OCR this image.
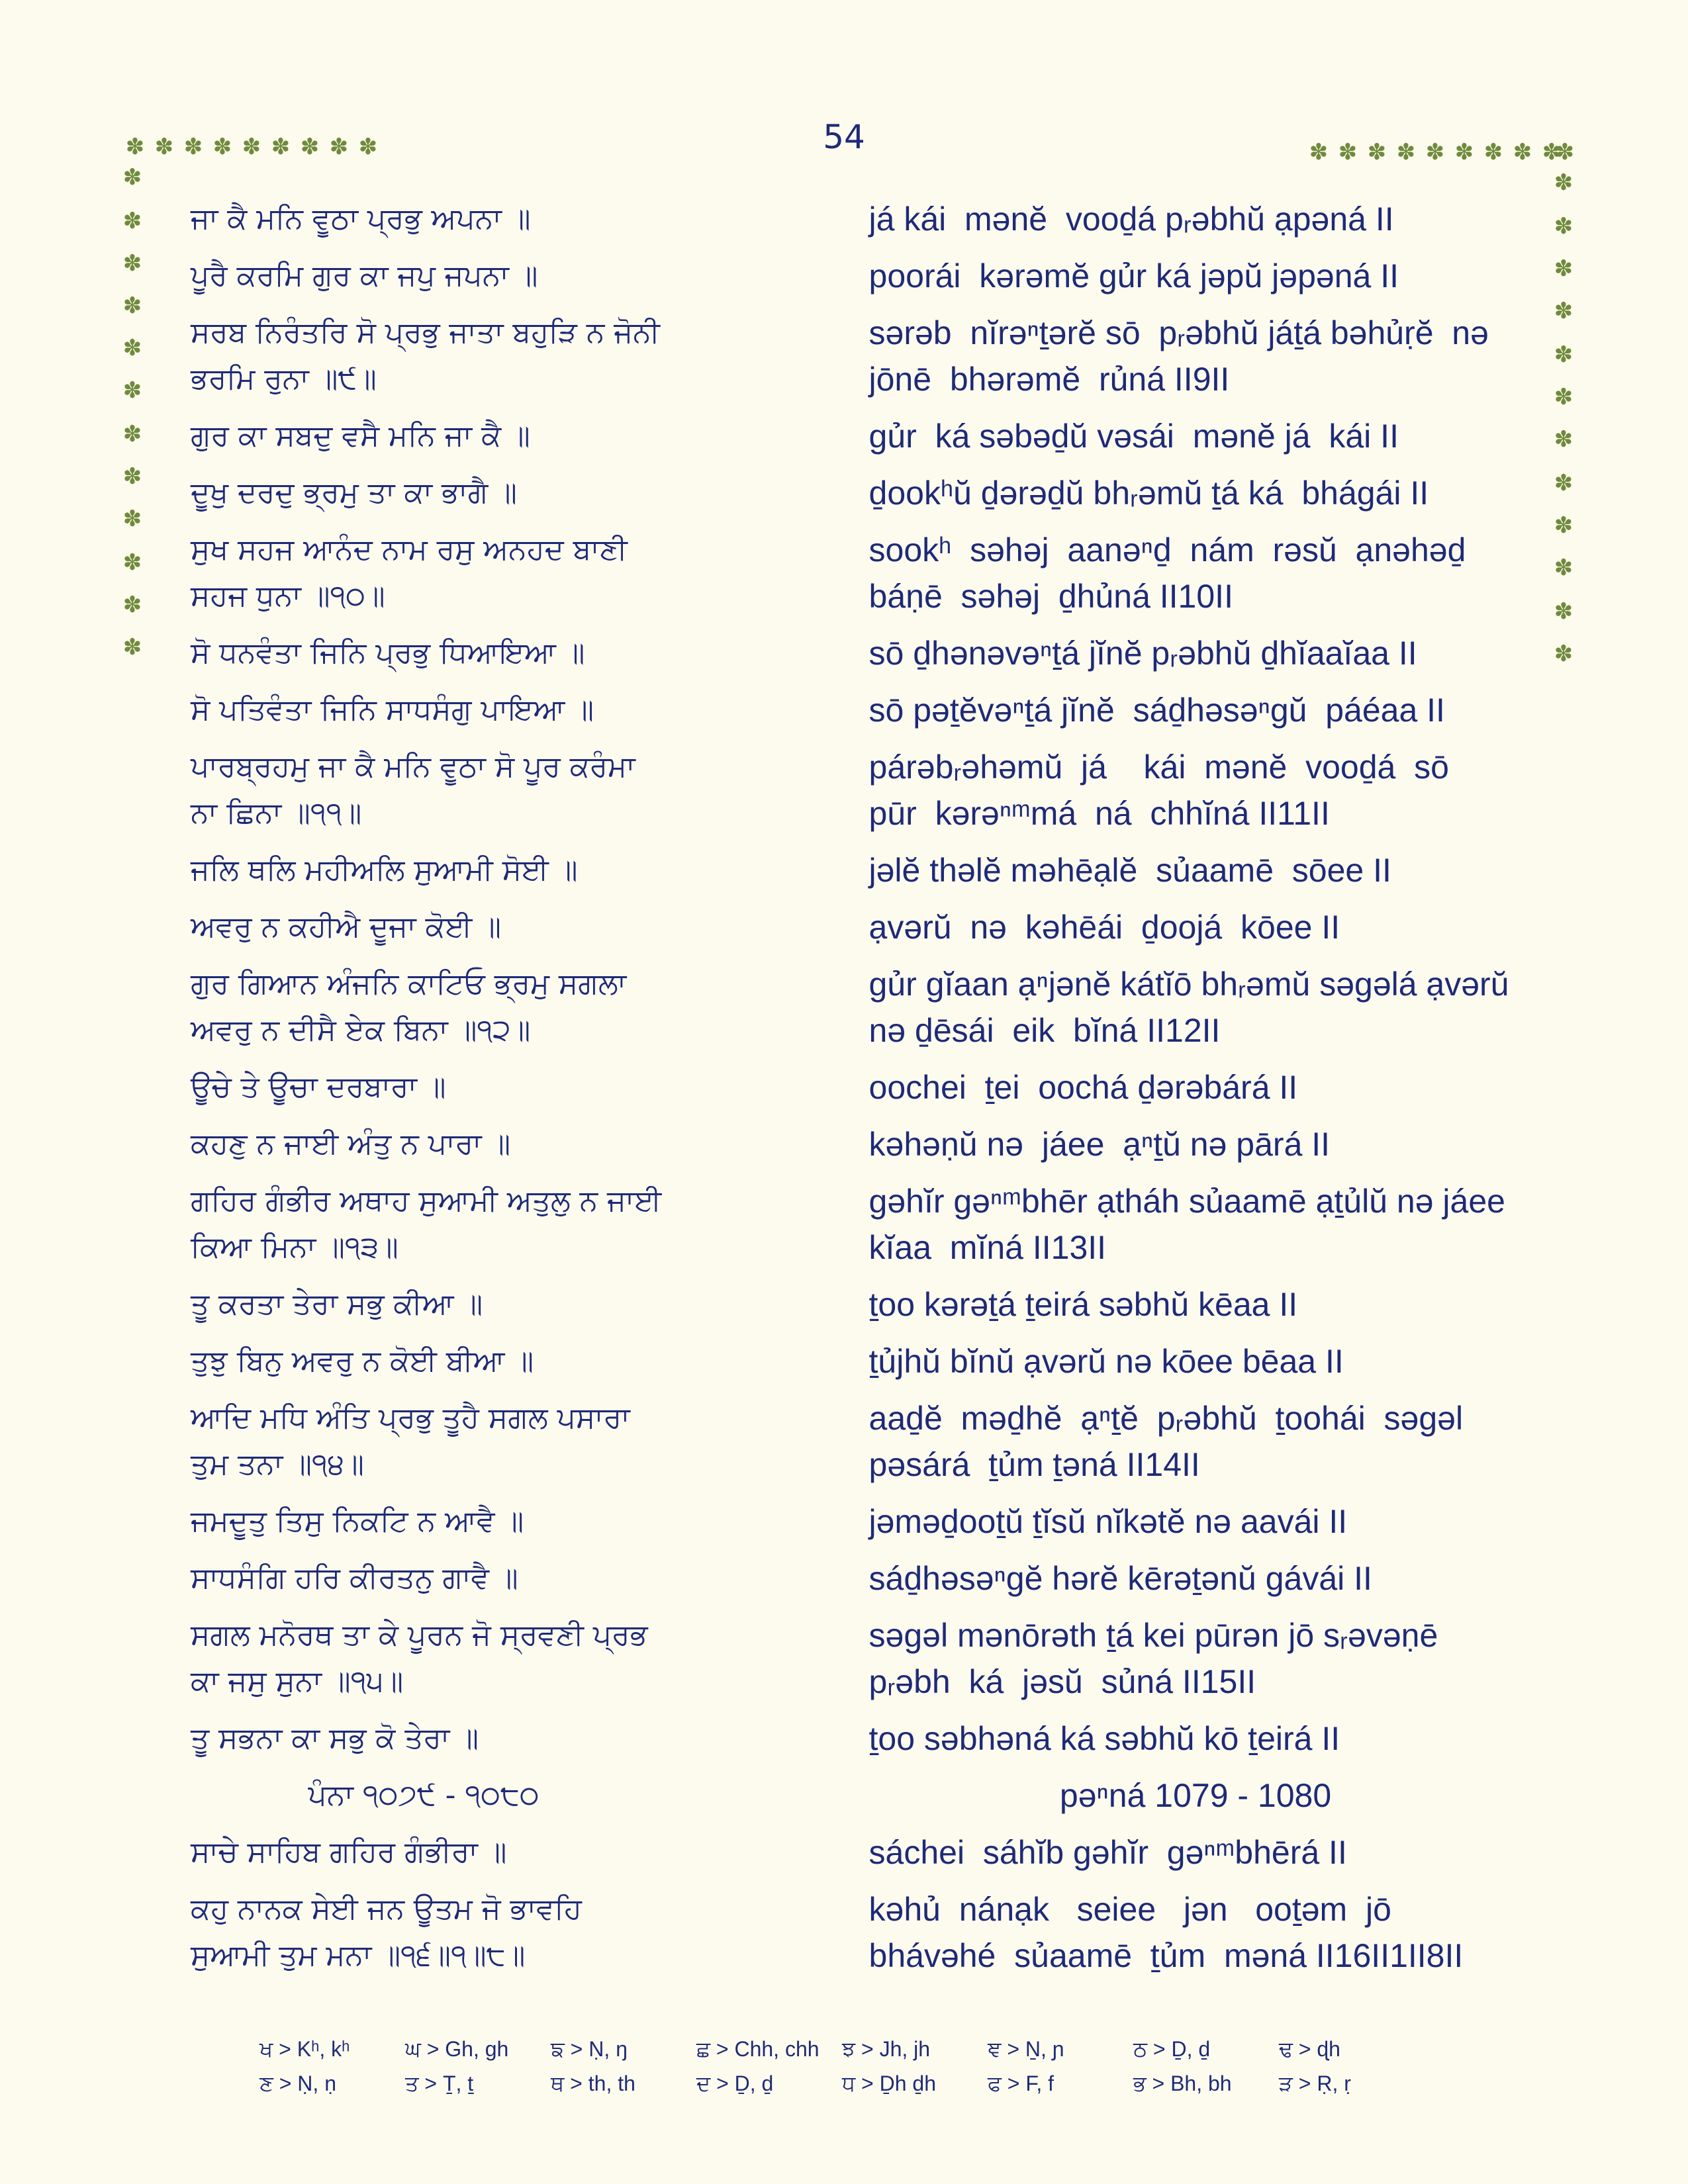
54
✽ ✽ ✽ ✽ ✽ ✽ ✽ ✽ ✽
✽
✽
✽
✽
✽
✽
✽
✽
✽
✽
✽
✽
✽ ✽ ✽ ✽ ✽ ✽ ✽ ✽ ✽
✽
✽
✽
✽
✽
✽
✽
✽
✽
✽
✽
✽
✽
ਜਾ ਕੈ ਮਨਿ ਵੂਠਾ ਪ੍ਰਭੁ ਅਪਨਾ ॥	já kái  mənĕ  vooḏá pᵣəbhŭ ạpəná II
ਪੂਰੈ ਕਰਮਿ ਗੁਰ ਕਾ ਜਪੁ ਜਪਨਾ ॥	poorái  kərəmĕ gủr ká jəpŭ jəpəná II
ਸਰਬ ਨਿਰੰਤਰਿ ਸੋ ਪ੍ਰਭੁ ਜਾਤਾ ਬਹੁੜਿ ਨ ਜੋਨੀ ਭਰਮਿ ਰੁਨਾ ॥੯॥
sərəb  nĭrəⁿṯərĕ sō  pᵣəbhŭ jáṯá bəhủṛĕ  nə  jōnē  bhərəmĕ  rủná II9II
ਗੁਰ ਕਾ ਸਬਦੁ ਵਸੈ ਮਨਿ ਜਾ ਕੈ ॥	gủr  ká səbəḏŭ vəsái  mənĕ já  kái II
ਦੂਖੁ ਦਰਦੁ ਭ੍ਰਮੁ ਤਾ ਕਾ ਭਾਗੈ ॥	ḏookʰŭ ḏərəḏŭ bhᵣəmŭ ṯá ká  bhágái II
ਸੁਖ ਸਹਜ ਆਨੰਦ ਨਾਮ ਰਸੁ ਅਨਹਦ ਬਾਣੀ ਸਹਜ ਧੁਨਾ ॥੧੦॥
sookʰ  səhəj  aanəⁿḏ  nám  rəsŭ  ạnəhəḏ   báṇē  səhəj  ḏhủná II10II
ਸੋ ਧਨਵੰਤਾ ਜਿਨਿ ਪ੍ਰਭੁ ਧਿਆਇਆ ॥	sō ḏhənəvəⁿṯá jĭnĕ pᵣəbhŭ ḏhĭaaĭaa II
ਸੋ ਪਤਿਵੰਤਾ ਜਿਨਿ ਸਾਧਸੰਗੁ ਪਾਇਆ ॥	sō pəṯĕvəⁿṯá jĭnĕ  sáḏhəsəⁿgŭ  páéaa II
ਪਾਰਬ੍ਰਹਮੁ ਜਾ ਕੈ ਮਨਿ ਵੂਠਾ ਸੋ ਪੂਰ ਕਰੰਮਾ ਨਾ ਛਿਨਾ ॥੧੧॥
párəbᵣəhəmŭ  já    kái  mənĕ  vooḏá  sō    pūr  kərəⁿᵐmá  ná  chhĭná II11II
ਜਲਿ ਥਲਿ ਮਹੀਅਲਿ ਸੁਆਮੀ ਸੋਈ ॥	jəlĕ thəlĕ məhēạlĕ  sủaamē  sōee II
ਅਵਰੁ ਨ ਕਹੀਐ ਦੂਜਾ ਕੋਈ ॥	ạvərŭ  nə  kəhēái  ḏoojá  kōee II
ਗੁਰ ਗਿਆਨ ਅੰਜਨਿ ਕਾਟਿਓ ਭ੍ਰਮੁ ਸਗਲਾ ਅਵਰੁ ਨ ਦੀਸੈ ਏਕ ਬਿਨਾ ॥੧੨॥
gủr gĭaan ạⁿjənĕ kátĭō bhᵣəmŭ səgəlá ạvərŭ nə ḏēsái  eik  bĭná II12II
ਊਚੇ ਤੇ ਊਚਾ ਦਰਬਾਰਾ ॥	oochei  ṯei  oochá ḏərəbárá II
ਕਹਣੁ ਨ ਜਾਈ ਅੰਤੁ ਨ ਪਾਰਾ ॥	kəhəṇŭ nə  jáee  ạⁿṯŭ nə pārá II
ਗਹਿਰ ਗੰਭੀਰ ਅਥਾਹ ਸੁਆਮੀ ਅਤੁਲੁ ਨ ਜਾਈ ਕਿਆ ਮਿਨਾ ॥੧੩॥
gəhĭr gəⁿᵐbhēr ạtháh sủaamē ạṯủlŭ nə jáee  kĭaa  mĭná II13II
ਤੂ ਕਰਤਾ ਤੇਰਾ ਸਭੁ ਕੀਆ ॥	ṯoo kərəṯá ṯeirá səbhŭ kēaa II
ਤੁਝੁ ਬਿਨੁ ਅਵਰੁ ਨ ਕੋਈ ਬੀਆ ॥	ṯủjhŭ bĭnŭ ạvərŭ nə kōee bēaa II
ਆਦਿ ਮਧਿ ਅੰਤਿ ਪ੍ਰਭੁ ਤੂਹੈ ਸਗਲ ਪਸਾਰਾ ਤੁਮ ਤਨਾ ॥੧੪॥
aaḏĕ  məḏhĕ  ạⁿṯĕ  pᵣəbhŭ  ṯoohái  səgəl   pəsárá  ṯủm ṯəná II14II
ਜਮਦੂਤੁ ਤਿਸੁ ਨਿਕਟਿ ਨ ਆਵੈ ॥	jəməḏooṯŭ ṯĭsŭ nĭkətĕ nə aavái II
ਸਾਧਸੰਗਿ ਹਰਿ ਕੀਰਤਨੁ ਗਾਵੈ ॥	sáḏhəsəⁿgĕ hərĕ kērəṯənŭ gávái II
ਸਗਲ ਮਨੋਰਥ ਤਾ ਕੇ ਪੂਰਨ ਜੋ ਸ੍ਰਵਣੀ ਪ੍ਰਭ ਕਾ ਜਸੁ ਸੁਨਾ ॥੧੫॥
səgəl mənōrəth ṯá kei pūrən jō sᵣəvəṇē pᵣəbh  ká  jəsŭ  sủná II15II
ਤੂ ਸਭਨਾ ਕਾ ਸਭੁ ਕੋ ਤੇਰਾ ॥	ṯoo səbhəná ká səbhŭ kō ṯeirá II
ਪੰਨਾ ੧੦੭੯ - ੧੦੮੦	pəⁿná 1079 - 1080
ਸਾਚੇ ਸਾਹਿਬ ਗਹਿਰ ਗੰਭੀਰਾ ॥	sáchei  sáhĭb gəhĭr  gəⁿᵐbhērá II
ਕਹੁ ਨਾਨਕ ਸੇਈ ਜਨ ਊਤਮ ਜੋ ਭਾਵਹਿ ਸੁਆਮੀ ਤੁਮ ਮਨਾ ॥੧੬॥੧॥੮॥
kəhủ  nánạk   seiee   jən   ooṯəm  jō   bhávəhé  sủaamē  ṯủm  məná II16II1II8II
ਖ > Kʰ, kʰ	ਘ > Gh, gh	ਙ > Ṇ, ŋ	ਛ > Chh, chh	ਝ > Jh, jh	ਞ > Ṉ, ɲ	ਠ > Ḏ, ḏ	ਢ > ɖh
ਣ > Ṇ, ṇ	ਤ > Ṯ, ṯ	ਥ > th, th	ਦ > Ḏ, ḏ	ਧ > Ḏh ḏh	ਫ > F, f	ਭ > Bh, bh	ੜ > Ṛ, ṛ
